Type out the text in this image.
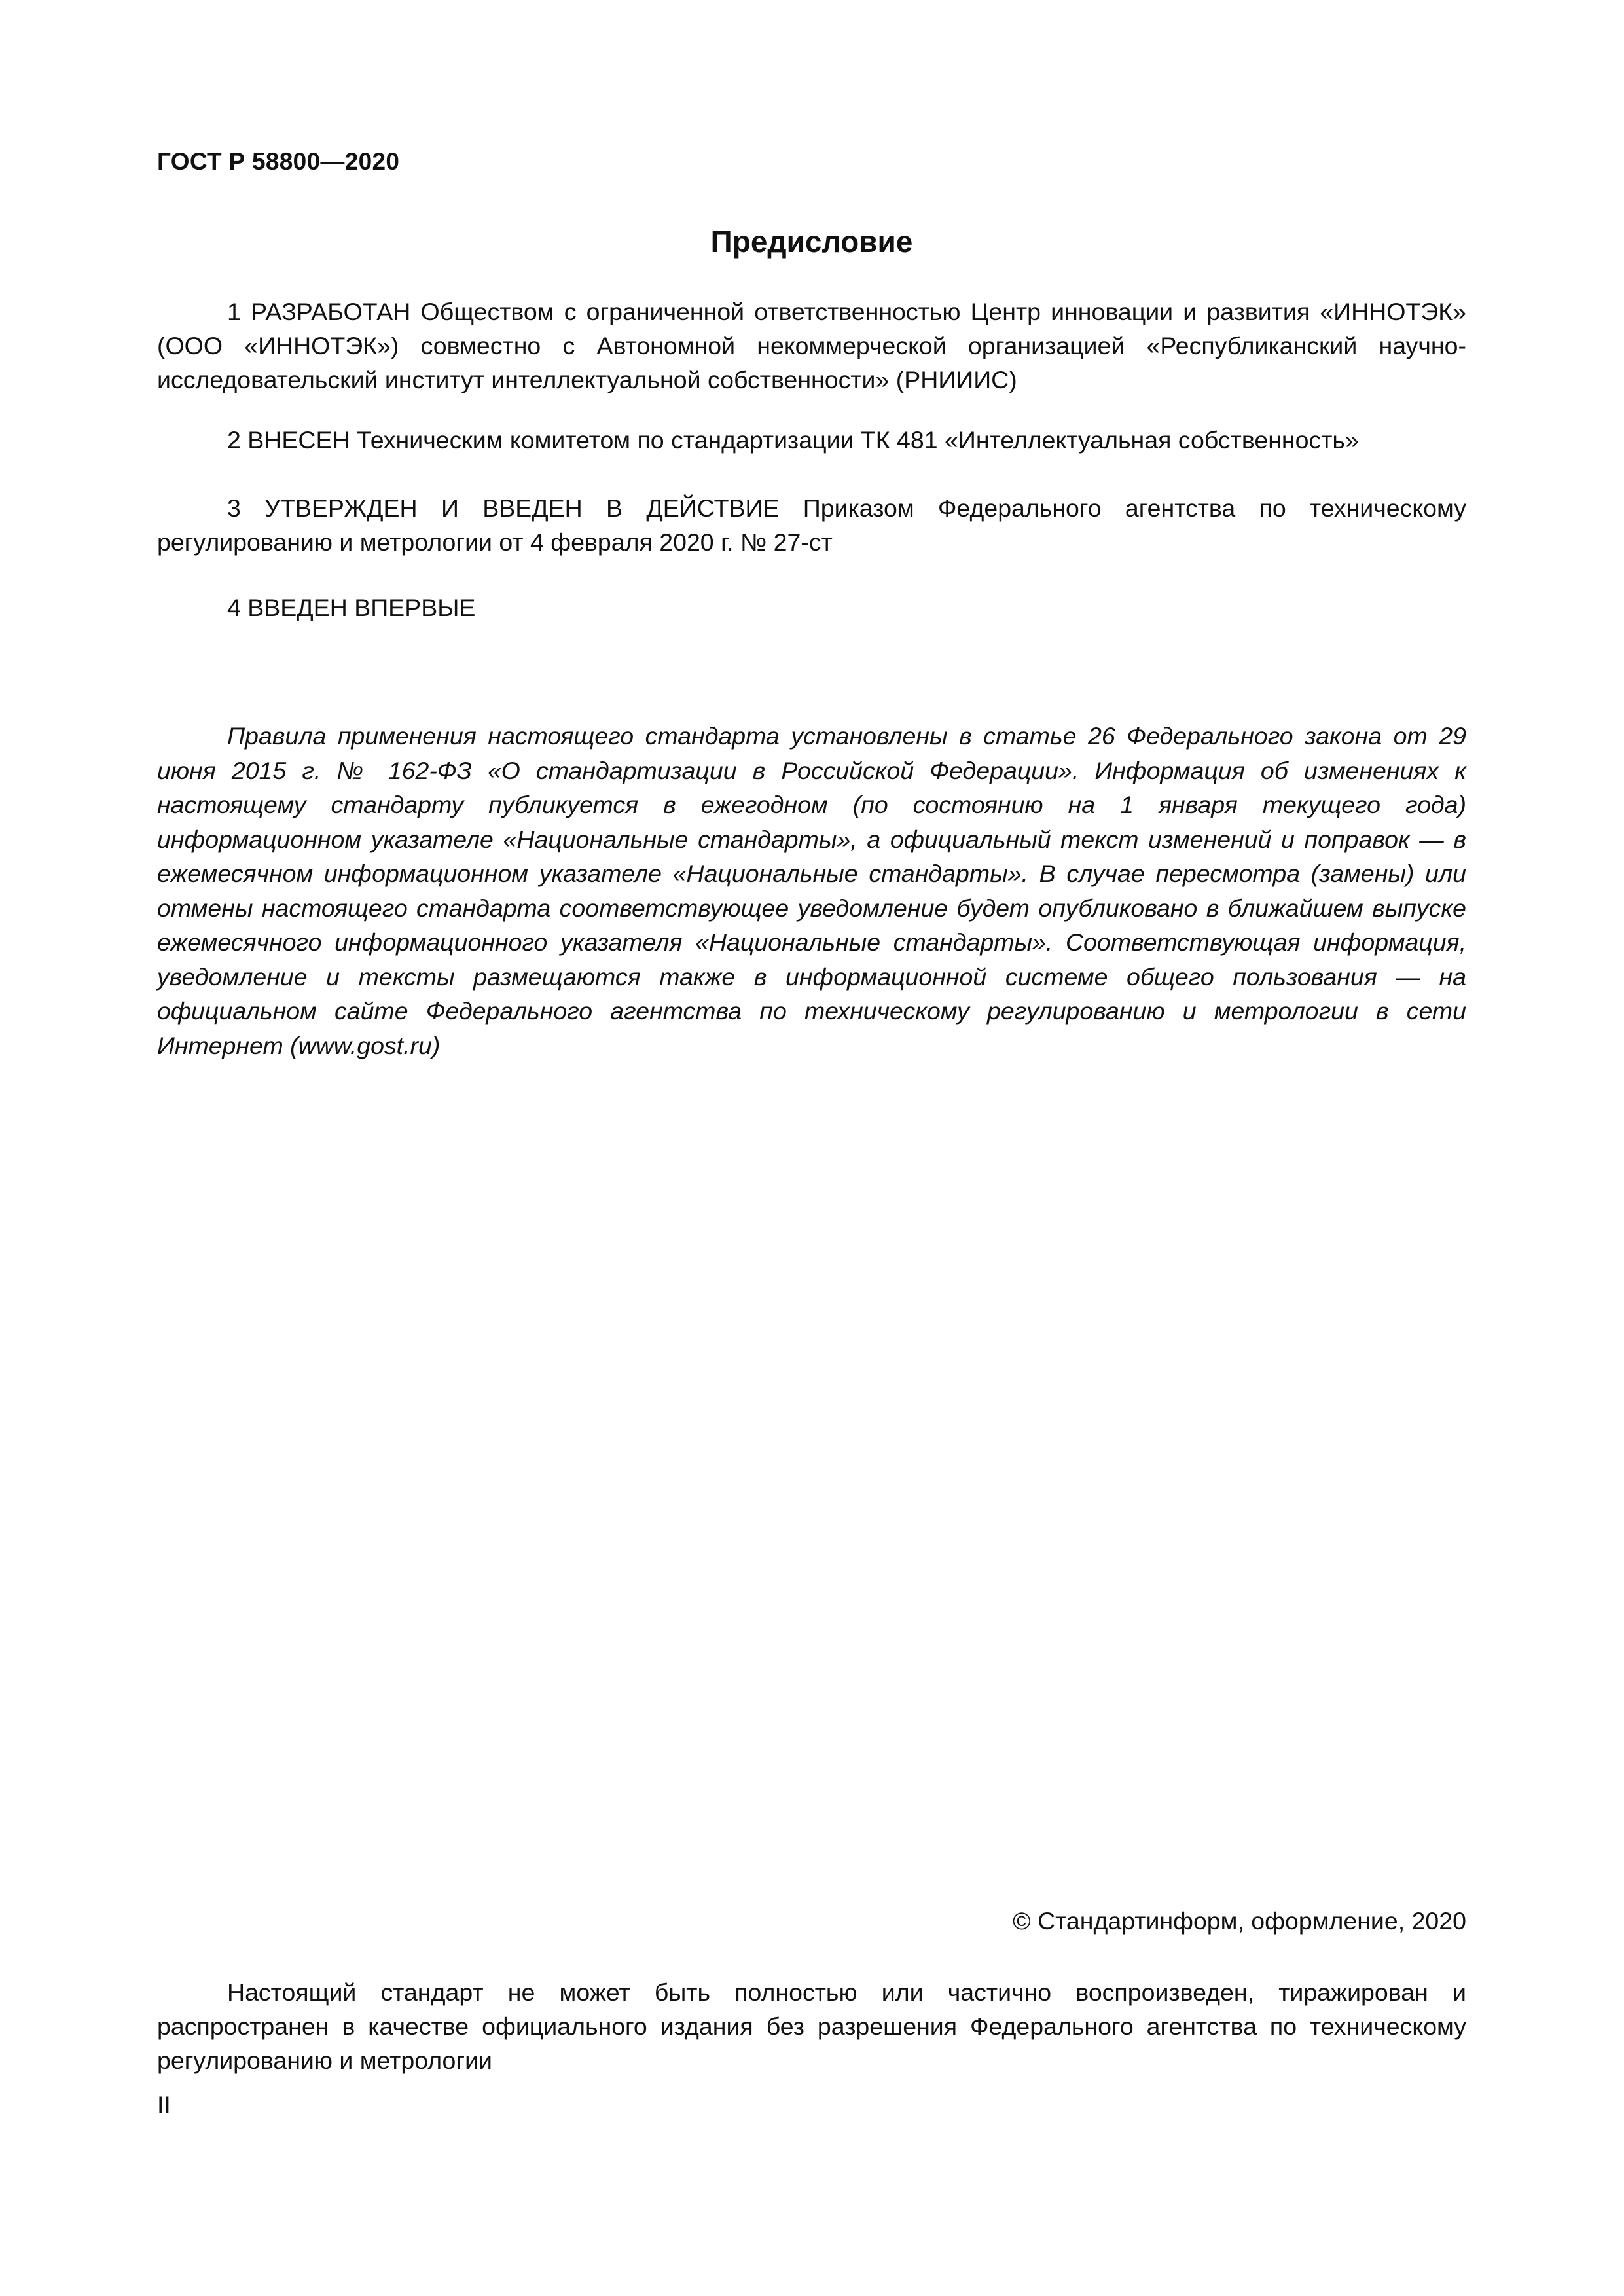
ГОСТ Р 58800—2020
Предисловие
1 РАЗРАБОТАН Обществом с ограниченной ответственностью Центр инновации и развития «ИННОТЭК» (ООО «ИННОТЭК») совместно с Автономной некоммерческой организацией «Республиканский научно-исследовательский институт интеллектуальной собственности» (РНИИИС)
2 ВНЕСЕН Техническим комитетом по стандартизации ТК 481 «Интеллектуальная собственность»
3 УТВЕРЖДЕН И ВВЕДЕН В ДЕЙСТВИЕ Приказом Федерального агентства по техническому регулированию и метрологии от 4 февраля 2020 г. № 27-ст
4 ВВЕДЕН ВПЕРВЫЕ
Правила применения настоящего стандарта установлены в статье 26 Федерального закона от 29 июня 2015 г. № 162-ФЗ «О стандартизации в Российской Федерации». Информация об изменениях к настоящему стандарту публикуется в ежегодном (по состоянию на 1 января текущего года) информационном указателе «Национальные стандарты», а официальный текст изменений и поправок — в ежемесячном информационном указателе «Национальные стандарты». В случае пересмотра (замены) или отмены настоящего стандарта соответствующее уведомление будет опубликовано в ближайшем выпуске ежемесячного информационного указателя «Национальные стандарты». Соответствующая информация, уведомление и тексты размещаются также в информационной системе общего пользования — на официальном сайте Федерального агентства по техническому регулированию и метрологии в сети Интернет (www.gost.ru)
© Стандартинформ, оформление, 2020
Настоящий стандарт не может быть полностью или частично воспроизведен, тиражирован и распространен в качестве официального издания без разрешения Федерального агентства по техническому регулированию и метрологии
II
